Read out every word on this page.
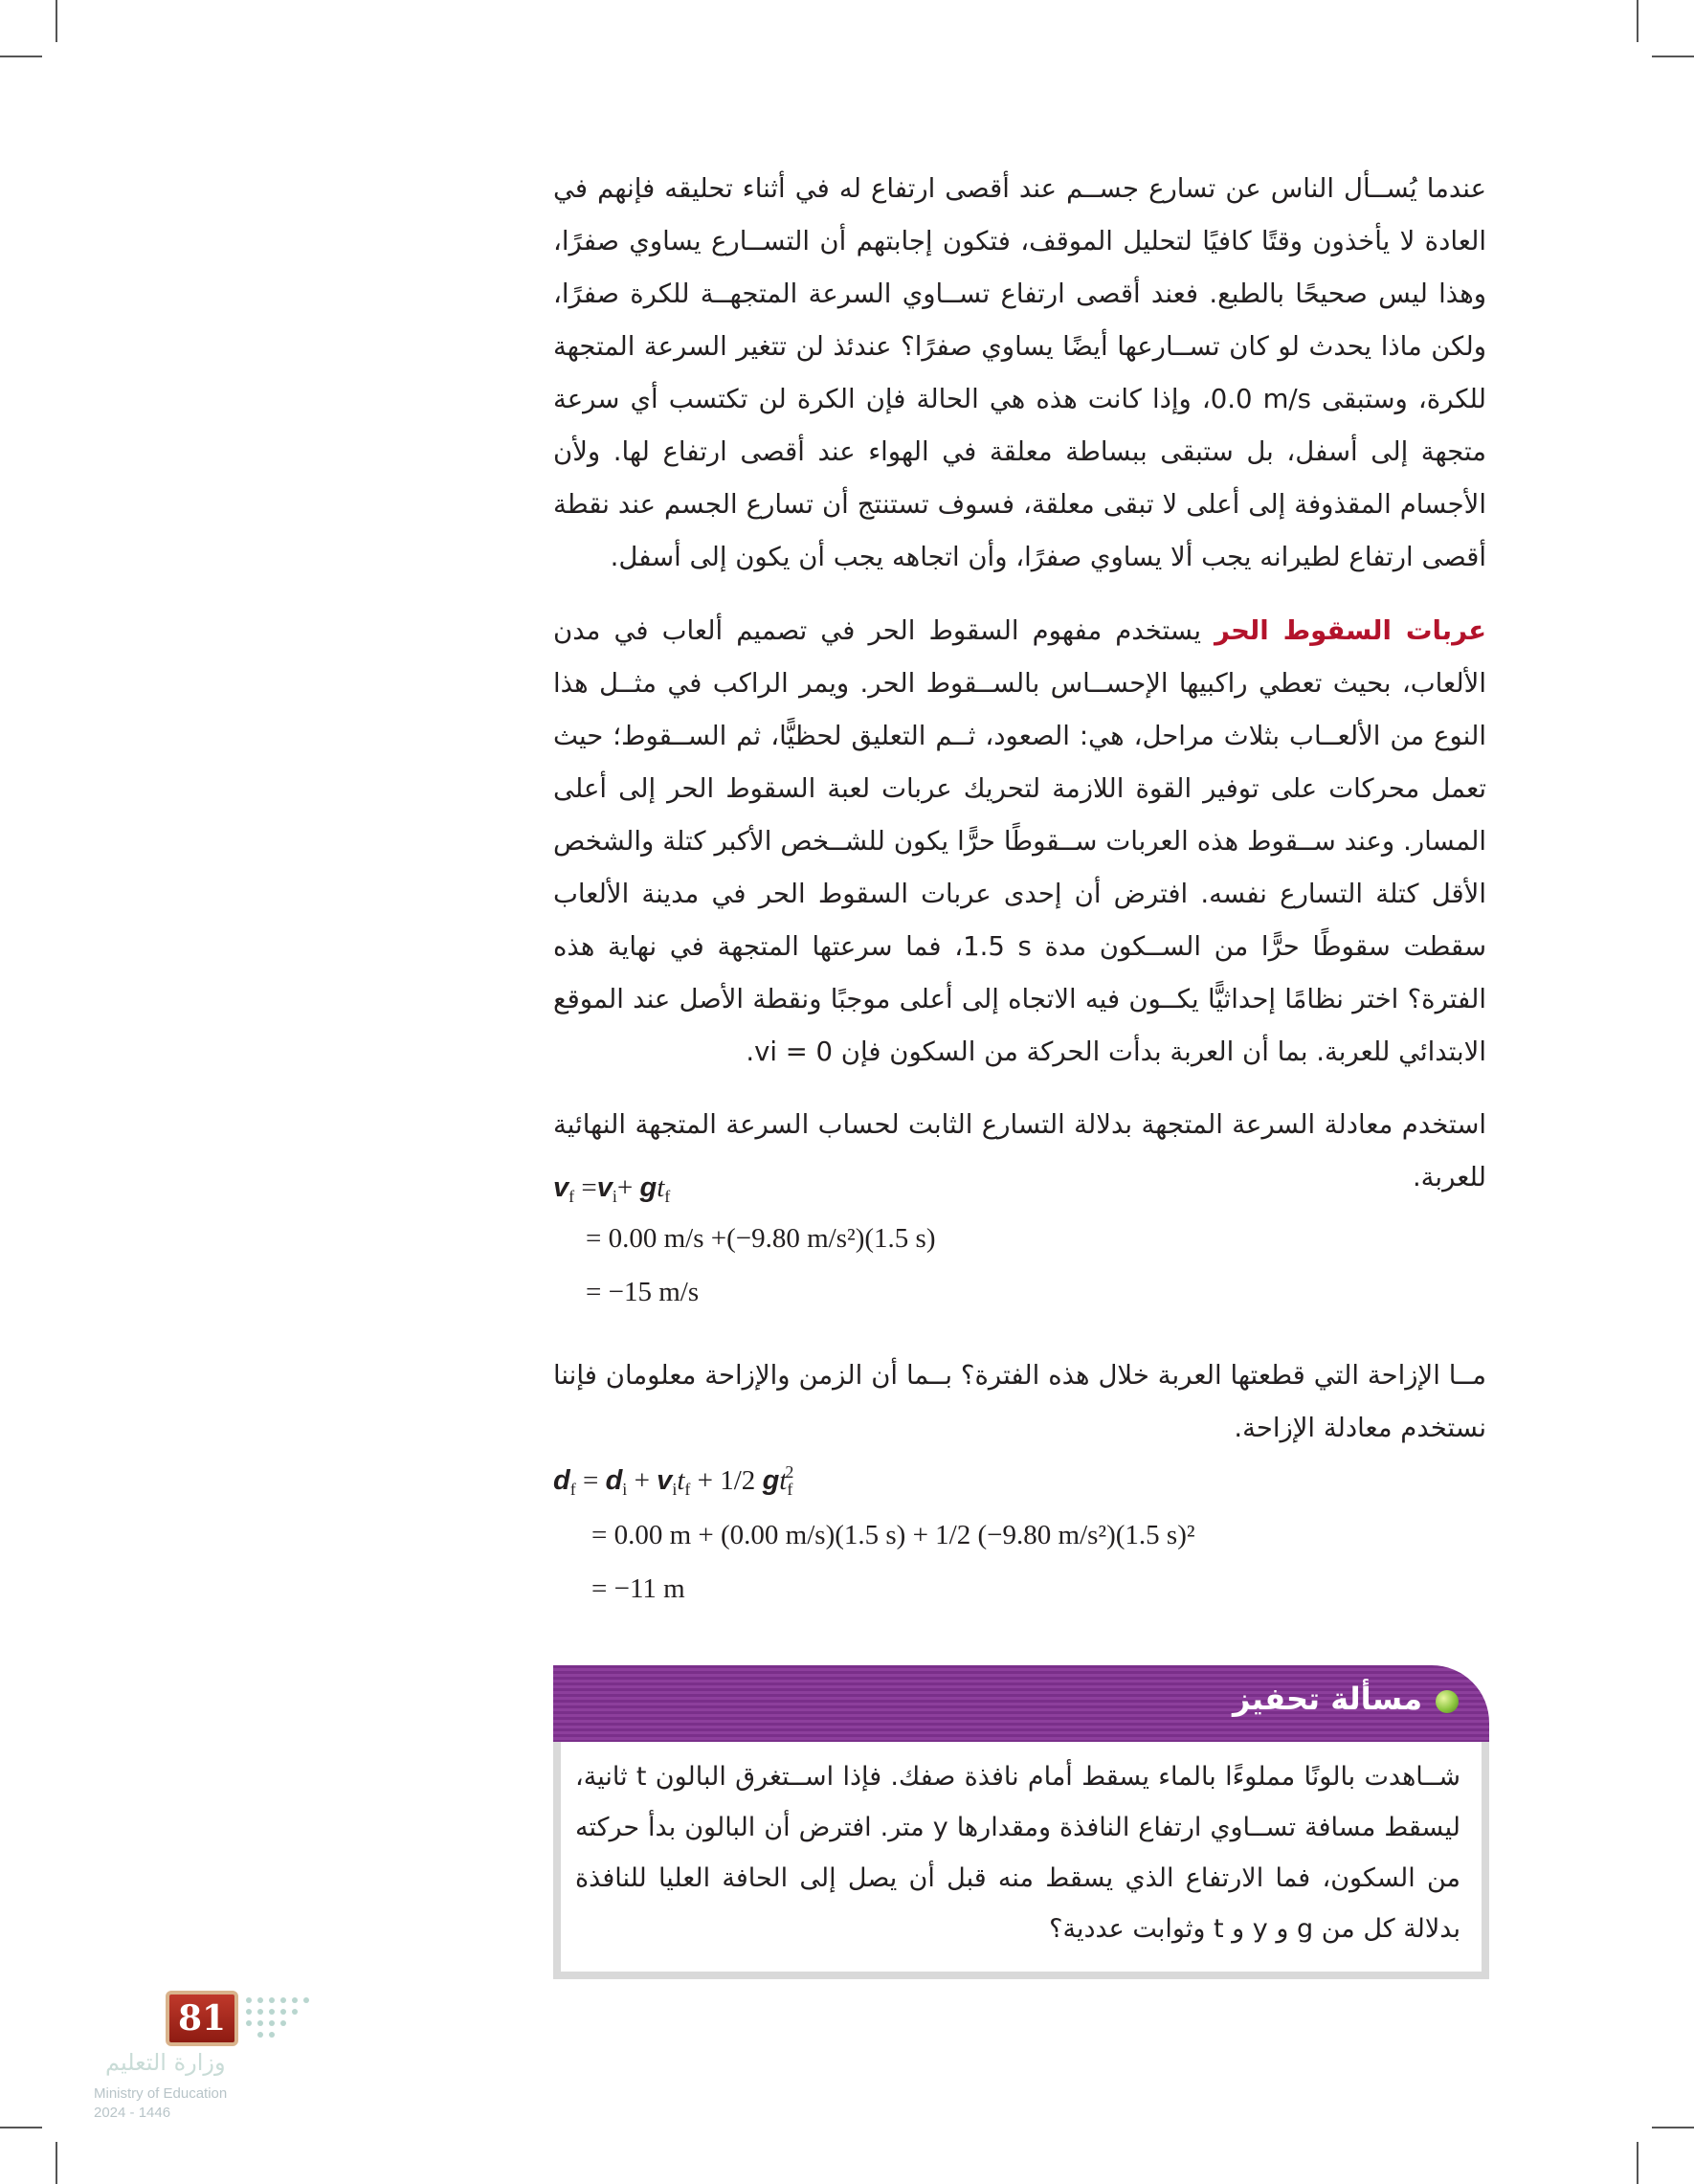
عندما يُســأل الناس عن تسارع جســم عند أقصى ارتفاع له في أثناء تحليقه فإنهم في العادة لا يأخذون وقتًا كافيًا لتحليل الموقف، فتكون إجابتهم أن التســارع يساوي صفرًا، وهذا ليس صحيحًا بالطبع. فعند أقصى ارتفاع تســاوي السرعة المتجهــة للكرة صفرًا، ولكن ماذا يحدث لو كان تســارعها أيضًا يساوي صفرًا؟ عندئذ لن تتغير السرعة المتجهة للكرة، وستبقى ‎0.0 m/s‎، وإذا كانت هذه هي الحالة فإن الكرة لن تكتسب أي سرعة متجهة إلى أسفل، بل ستبقى ببساطة معلقة في الهواء عند أقصى ارتفاع لها. ولأن الأجسام المقذوفة إلى أعلى لا تبقى معلقة، فسوف تستنتج أن تسارع الجسم عند نقطة أقصى ارتفاع لطيرانه يجب ألا يساوي صفرًا، وأن اتجاهه يجب أن يكون إلى أسفل.
عربات السقوط الحريستخدم مفهوم السقوط الحر في تصميم ألعاب في مدن الألعاب، بحيث تعطي راكبيها الإحســاس بالســقوط الحر. ويمر الراكب في مثــل هذا النوع من الألعــاب بثلاث مراحل، هي: الصعود، ثــم التعليق لحظيًّا، ثم الســقوط؛ حيث تعمل محركات على توفير القوة اللازمة لتحريك عربات لعبة السقوط الحر إلى أعلى المسار. وعند ســقوط هذه العربات ســقوطًا حرًّا يكون للشــخص الأكبر كتلة والشخص الأقل كتلة التسارع نفسه. افترض أن إحدى عربات السقوط الحر في مدينة الألعاب سقطت سقوطًا حرًّا من الســكون مدة ‎1.5 s‎، فما سرعتها المتجهة في نهاية هذه الفترة؟ اختر نظامًا إحداثيًّا يكــون فيه الاتجاه إلى أعلى موجبًا ونقطة الأصل عند الموقع الابتدائي للعربة. بما أن العربة بدأت الحركة من السكون فإن ‎vi = 0‎.
استخدم معادلة السرعة المتجهة بدلالة التسارع الثابت لحساب السرعة المتجهة النهائية للعربة.
$v_f =v_i+ gt_f$
= 0.00 m/s +(−9.80 m/s²)(1.5 s)
= −15 m/s
مــا الإزاحة التي قطعتها العربة خلال هذه الفترة؟ بــما أن الزمن والإزاحة معلومان فإننا نستخدم معادلة الإزاحة.
$d_f = d_i + v_it_f + 1/2$ $gt_f^2$
= 0.00 m + (0.00 m/s)(1.5 s) + 1/2 (−9.80 m/s²)(1.5 s)²
= −11 m
مسألة تحفيز
شــاهدت بالونًا مملوءًا بالماء يسقط أمام نافذة صفك. فإذا اســتغرق البالون t ثانية، ليسقط مسافة تســاوي ارتفاع النافذة ومقدارها y متر. افترض أن البالون بدأ حركته من السكون، فما الارتفاع الذي يسقط منه قبل أن يصل إلى الحافة العليا للنافذة بدلالة كل من g و y و t وثوابت عددية؟
81
وزارة التعليم
Ministry of Education
2024 - 1446
